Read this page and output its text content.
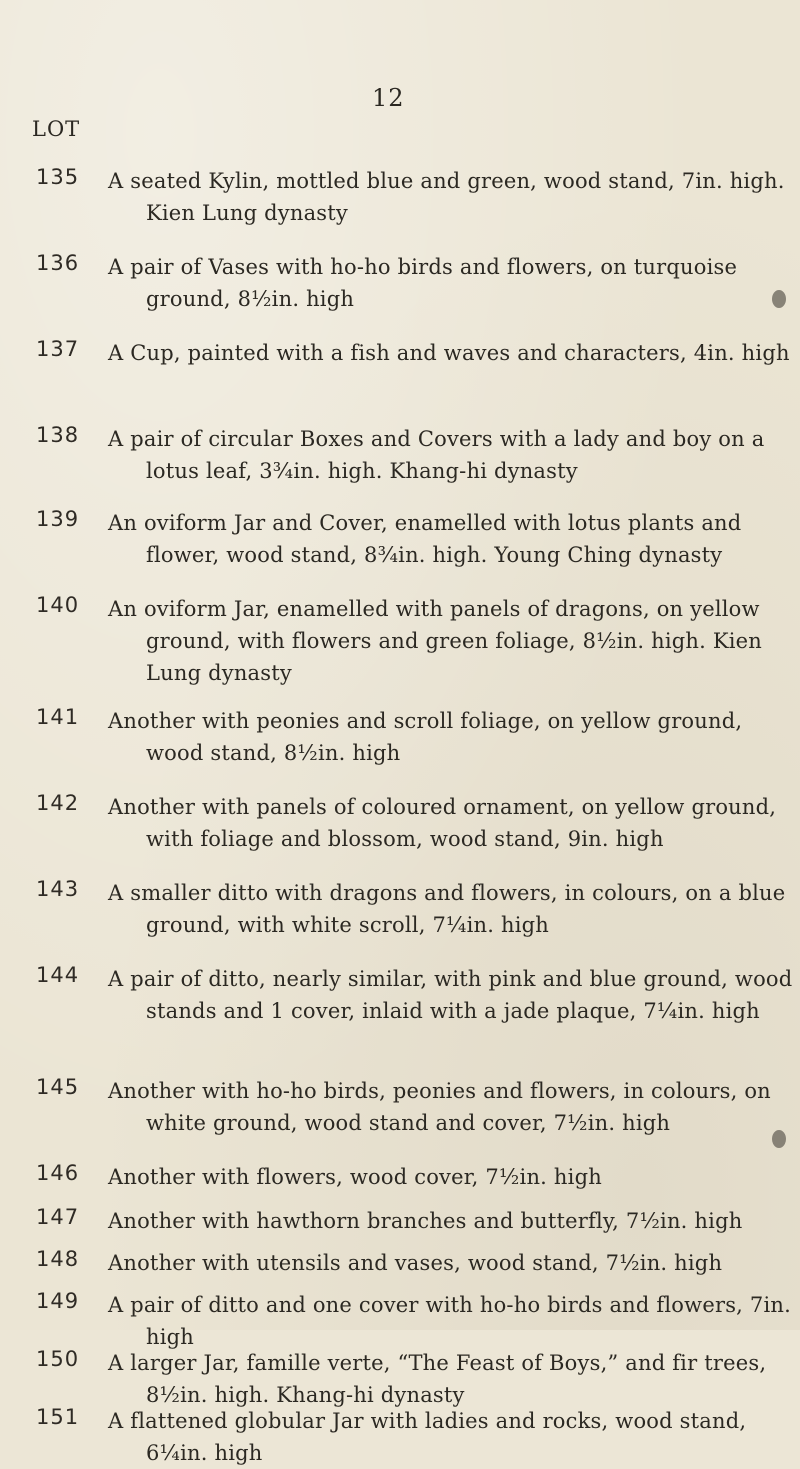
12
LOT
135 A seated Kylin, mottled blue and green, wood stand, 7in. high. Kien Lung dynasty
136 A pair of Vases with ho-ho birds and flowers, on turquoise ground, 8½in. high
137 A Cup, painted with a fish and waves and characters, 4in. high
138 A pair of circular Boxes and Covers with a lady and boy on a lotus leaf, 3¾in. high. Khang-hi dynasty
139 An oviform Jar and Cover, enamelled with lotus plants and flower, wood stand, 8¾in. high. Young Ching dynasty
140 An oviform Jar, enamelled with panels of dragons, on yellow ground, with flowers and green foliage, 8½in. high. Kien Lung dynasty
141 Another with peonies and scroll foliage, on yellow ground, wood stand, 8½in. high
142 Another with panels of coloured ornament, on yellow ground, with foliage and blossom, wood stand, 9in. high
143 A smaller ditto with dragons and flowers, in colours, on a blue ground, with white scroll, 7¼in. high
144 A pair of ditto, nearly similar, with pink and blue ground, wood stands and 1 cover, inlaid with a jade plaque, 7¼in. high
145 Another with ho-ho birds, peonies and flowers, in colours, on white ground, wood stand and cover, 7½in. high
146 Another with flowers, wood cover, 7½in. high
147 Another with hawthorn branches and butterfly, 7½in. high
148 Another with utensils and vases, wood stand, 7½in. high
149 A pair of ditto and one cover with ho-ho birds and flowers, 7in. high
150 A larger Jar, famille verte, “The Feast of Boys,” and fir trees, 8½in. high. Khang-hi dynasty
151 A flattened globular Jar with ladies and rocks, wood stand, 6¼in. high
